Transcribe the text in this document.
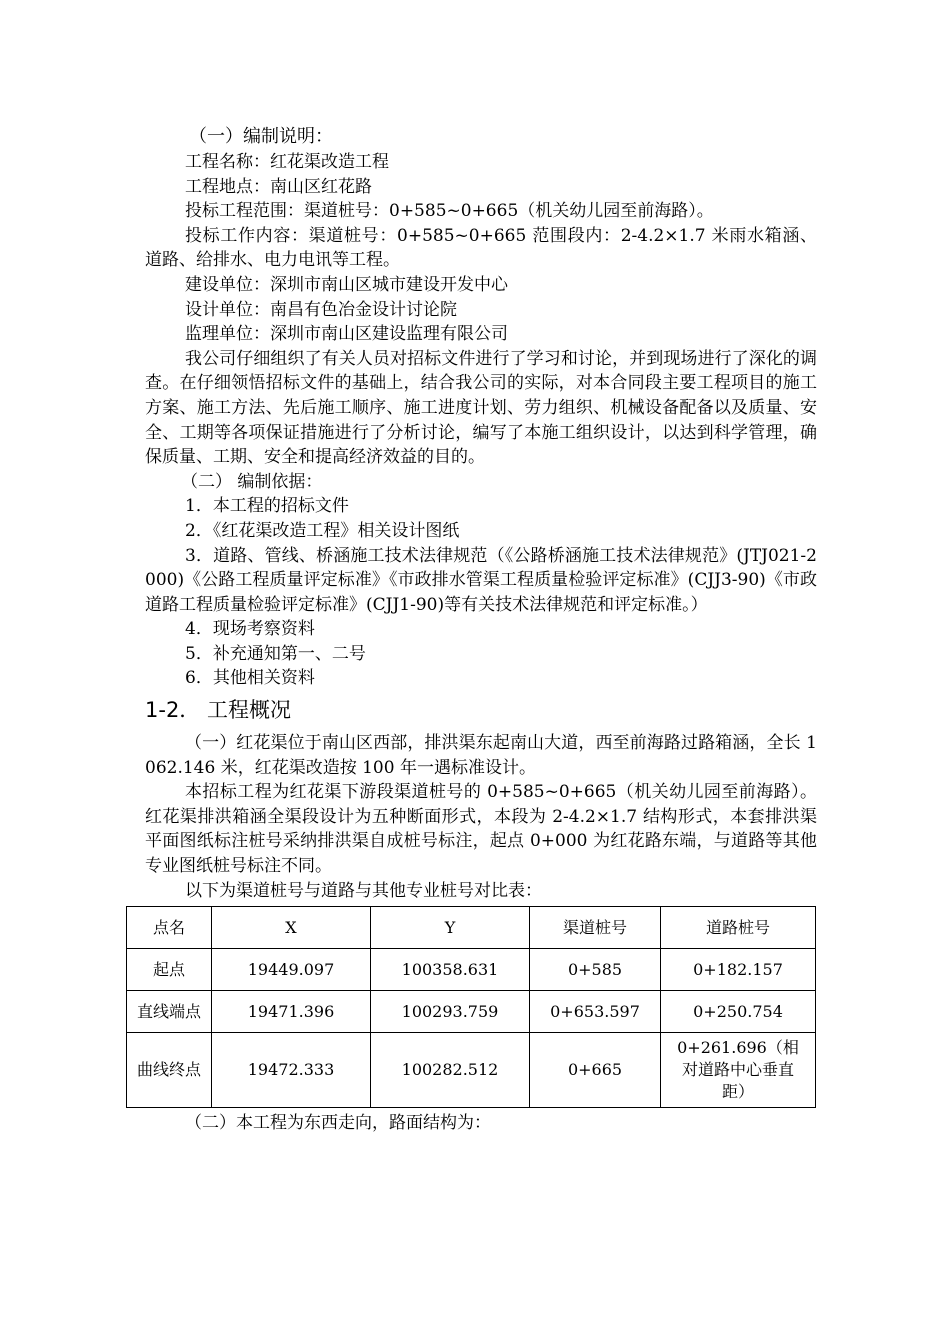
（一）编制说明：

工程名称：红花渠改造工程

工程地点：南山区红花路

投标工程范围：渠道桩号：0+585~0+665（机关幼儿园至前海路）。

投标工作内容：渠道桩号：0+585~0+665 范围段内：2-4.2×1.7 米雨水箱涵、道路、给排水、电力电讯等工程。

建设单位：深圳市南山区城市建设开发中心

设计单位：南昌有色冶金设计讨论院

监理单位：深圳市南山区建设监理有限公司

我公司仔细组织了有关人员对招标文件进行了学习和讨论，并到现场进行了深化的调查。在仔细领悟招标文件的基础上，结合我公司的实际，对本合同段主要工程项目的施工方案、施工方法、先后施工顺序、施工进度计划、劳力组织、机械设备配备以及质量、安全、工期等各项保证措施进行了分析讨论，编写了本施工组织设计，以达到科学管理，确保质量、工期、安全和提高经济效益的目的。

（二） 编制依据：

1．本工程的招标文件

2．《红花渠改造工程》相关设计图纸

3．道路、管线、桥涵施工技术法律规范（《公路桥涵施工技术法律规范》(JTJ021-2000)《公路工程质量评定标准》《市政排水管渠工程质量检验评定标准》(CJJ3-90)《市政道路工程质量检验评定标准》(CJJ1-90)等有关技术法律规范和评定标准。）

4．现场考察资料

5．补充通知第一、二号

6．其他相关资料

1-2． 工程概况

（一）红花渠位于南山区西部，排洪渠东起南山大道，西至前海路过路箱涵，全长 1062.146 米，红花渠改造按 100 年一遇标准设计。

本招标工程为红花渠下游段渠道桩号的 0+585~0+665（机关幼儿园至前海路）。红花渠排洪箱涵全渠段设计为五种断面形式，本段为 2-4.2×1.7 结构形式，本套排洪渠平面图纸标注桩号采纳排洪渠自成桩号标注，起点 0+000 为红花路东端，与道路等其他专业图纸桩号标注不同。

以下为渠道桩号与道路与其他专业桩号对比表：

点名	X	Y	渠道桩号	道路桩号
起点	19449.097	100358.631	0+585	0+182.157
直线端点	19471.396	100293.759	0+653.597	0+250.754
曲线终点	19472.333	100282.512	0+665	0+261.696（相对道路中心垂直距）

（二）本工程为东西走向，路面结构为：
